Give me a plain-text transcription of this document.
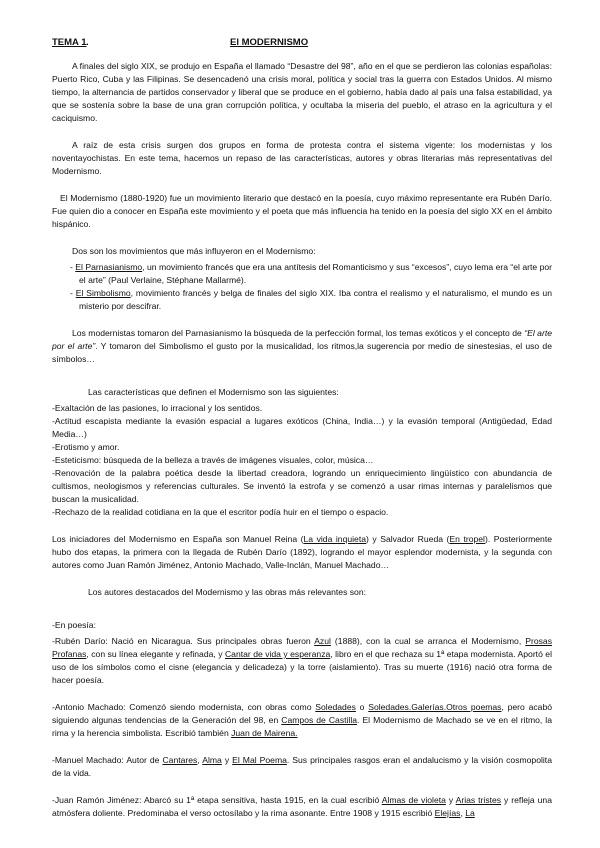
TEMA 1 .	El MODERNISMO

A finales del siglo XIX, se produjo en España el llamado “Desastre del 98”, año en el que se perdieron las colonias españolas: Puerto Rico, Cuba y las Filipinas. Se desencadenó una crisis moral, política y social tras la guerra con Estados Unidos. Al mismo tiempo, la alternancia de partidos conservador y liberal que se produce en el gobierno, había dado al país una falsa estabilidad, ya que se sostenía sobre la base de una gran corrupción política, y ocultaba la miseria del pueblo, el atraso en la agricultura y el caciquismo.

A raíz de esta crisis surgen dos grupos en forma de protesta contra el sistema vigente: los modernistas y los noventayochistas. En este tema, hacemos un repaso de las características, autores y obras literarias más representativas del Modernismo.

El Modernismo (1880-1920) fue un movimiento literario que destacó en la poesía, cuyo máximo representante era Rubén Darío. Fue quien dio a conocer en España este movimiento y el poeta que más influencia ha tenido en la poesía del siglo XX en el ámbito hispánico.

Dos son los movimientos que más influyeron en el Modernismo:

- El Parnasianismo, un movimiento francés que era una antítesis del Romanticismo y sus “excesos”, cuyo lema era “el arte por el arte” (Paul Verlaine, Stéphane Mallarmé).

- El Simbolismo, movimiento francés y belga de finales del siglo XIX. Iba contra el realismo y el naturalismo, el mundo es un misterio por descifrar.

Los modernistas tomaron del Parnasianismo la búsqueda de la perfección formal, los temas exóticos y el concepto de “El arte por el arte”. Y tomaron del Simbolismo el gusto por la musicalidad, los ritmos,la sugerencia por medio de sinestesias, el uso de símbolos…

Las características que definen el Modernismo son las siguientes:

-Exaltación de las pasiones, lo irracional y los sentidos.

-Actitud escapista mediante la evasión espacial a lugares exóticos (China, India…) y la evasión temporal (Antigüedad, Edad Media…)

-Erotismo y amor.

-Esteticismo: búsqueda de la belleza a través de imágenes visuales, color, música…

-Renovación de la palabra poética desde la libertad creadora, logrando un enriquecimiento lingüístico con abundancia de cultismos, neologismos y referencias culturales. Se inventó la estrofa y se comenzó a usar rimas internas y paralelismos que buscan la musicalidad.

-Rechazo de la realidad cotidiana en la que el escritor podía huir en el tiempo o espacio.

Los iniciadores del Modernismo en España son Manuel Reina (La vida inquieta) y Salvador Rueda (En tropel). Posteriormente hubo dos etapas, la primera con la llegada de Rubén Darío (1892), logrando el mayor esplendor modernista, y la segunda con autores como Juan Ramón Jiménez, Antonio Machado, Valle-Inclán, Manuel Machado…

Los autores destacados del Modernismo y las obras más relevantes son:

-En poesía:

-Rubén Darío: Nació en Nicaragua. Sus principales obras fueron Azul (1888), con la cual se arranca el Modernismo, Prosas Profanas, con su línea elegante y refinada, y Cantar de vida y esperanza, libro en el que rechaza su 1ª etapa modernista. Aportó el uso de los símbolos como el cisne (elegancia y delicadeza) y la torre (aislamiento). Tras su muerte (1916) nació otra forma de hacer poesía.

-Antonio Machado: Comenzó siendo modernista, con obras como Soledades o Soledades.Galerías.Otros poemas, pero acabó siguiendo algunas tendencias de la Generación del 98, en Campos de Castilla. El Modernismo de Machado se ve en el ritmo, la rima y la herencia simbolista. Escribió también Juan de Mairena.

-Manuel Machado: Autor de Cantares, Alma y El Mal Poema. Sus principales rasgos eran el andalucismo y la visión cosmopolita de la vida.

-Juan Ramón Jiménez: Abarcó su 1ª etapa sensitiva, hasta 1915, en la cual escribió Almas de violeta y Arias tristes y refleja una atmósfera doliente. Predominaba el verso octosílabo y la rima asonante. Entre 1908 y 1915 escribió Elejías, La
